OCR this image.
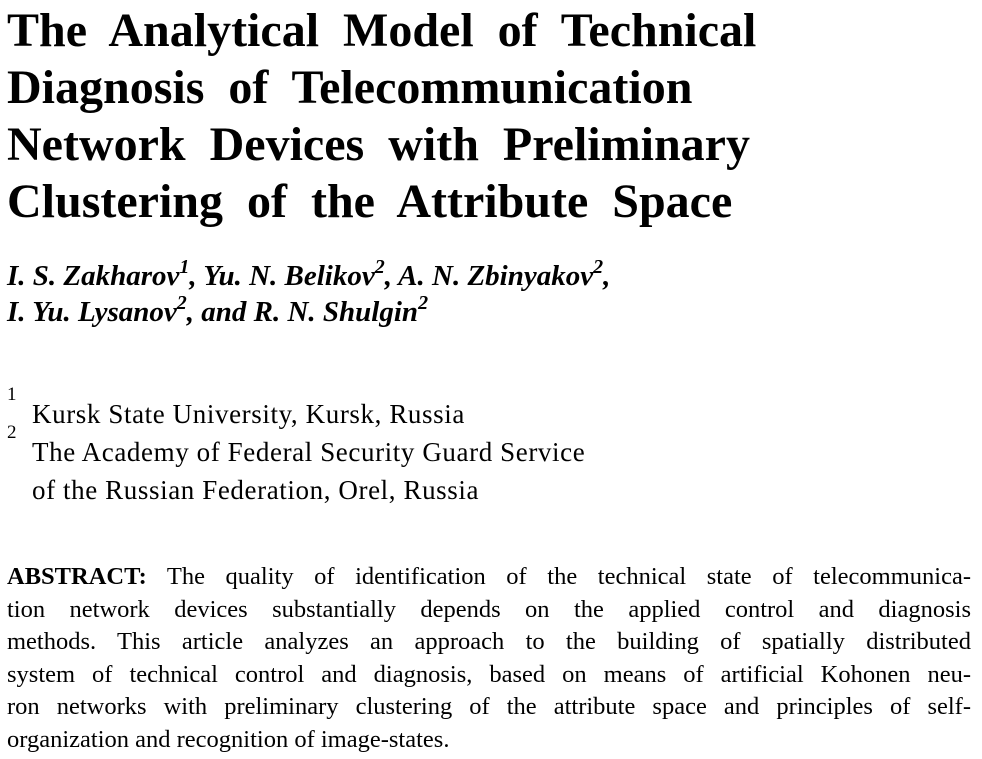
The Analytical Model of Technical
Diagnosis of Telecommunication
Network Devices with Preliminary
Clustering of the Attribute Space
I. S. Zakharov$^1$, Yu. N. Belikov$^2$, A. N. Zbinyakov$^2$,
I. Yu. Lysanov$^2$, and R. N. Shulgin$^2$
1
Kursk State University, Kursk, Russia
2
The Academy of Federal Security Guard Service
of the Russian Federation, Orel, Russia
ABSTRACT: The quality of identification of the technical state of telecommunica-
tion network devices substantially depends on the applied control and diagnosis
methods. This article analyzes an approach to the building of spatially distributed
system of technical control and diagnosis, based on means of artificial Kohonen neu-
ron networks with preliminary clustering of the attribute space and principles of self-
organization and recognition of image-states.
